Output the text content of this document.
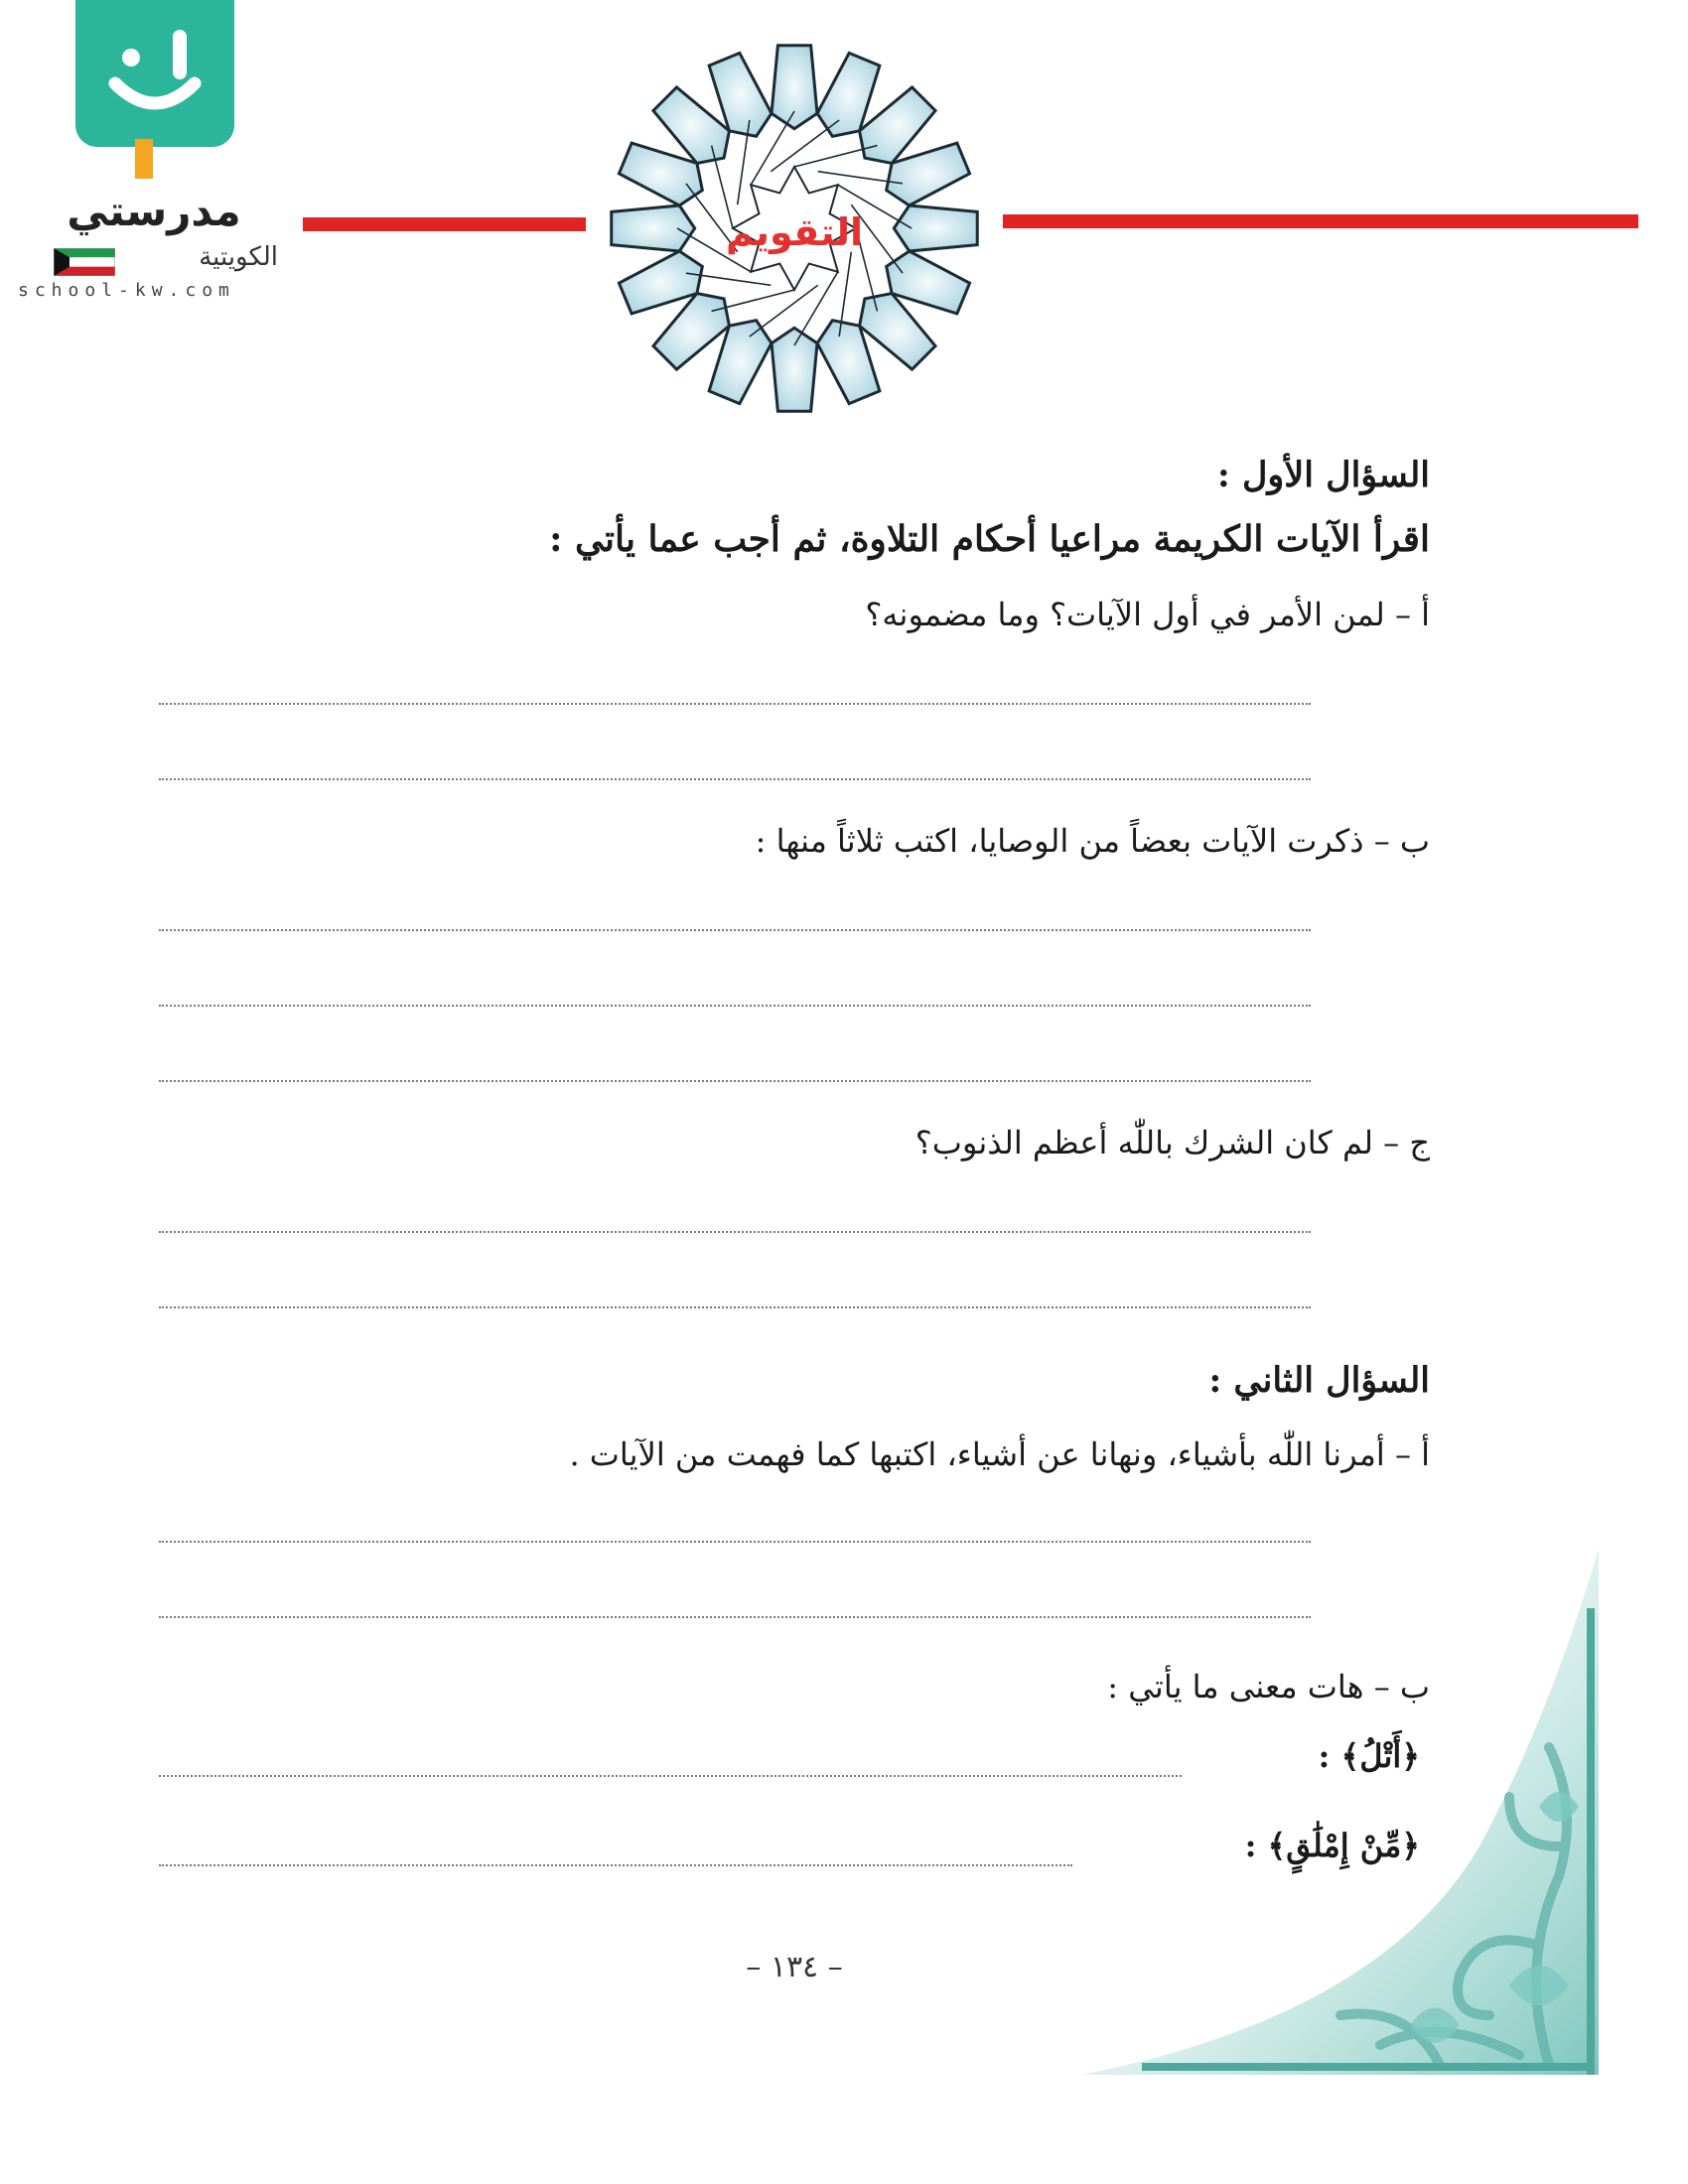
مدرستي
الكويتية
school-kw.com
التقويم
السؤال الأول :
اقرأ الآيات الكريمة مراعيا أحكام التلاوة، ثم أجب عما يأتي :
أ – لمن الأمر في أول الآيات؟ وما مضمونه؟
ب – ذكرت الآيات بعضاً من الوصايا، اكتب ثلاثاً منها :
ج – لم كان الشرك باللّٰه أعظم الذنوب؟
السؤال الثاني :
أ – أمرنا اللّٰه بأشياء، ونهانا عن أشياء، اكتبها كما فهمت من الآيات .
ب – هات معنى ما يأتي :
﴿أَتْلُ﴾ :
﴿مِّنْ إِمْلَٰقٍ﴾ :
– ١٣٤ –
